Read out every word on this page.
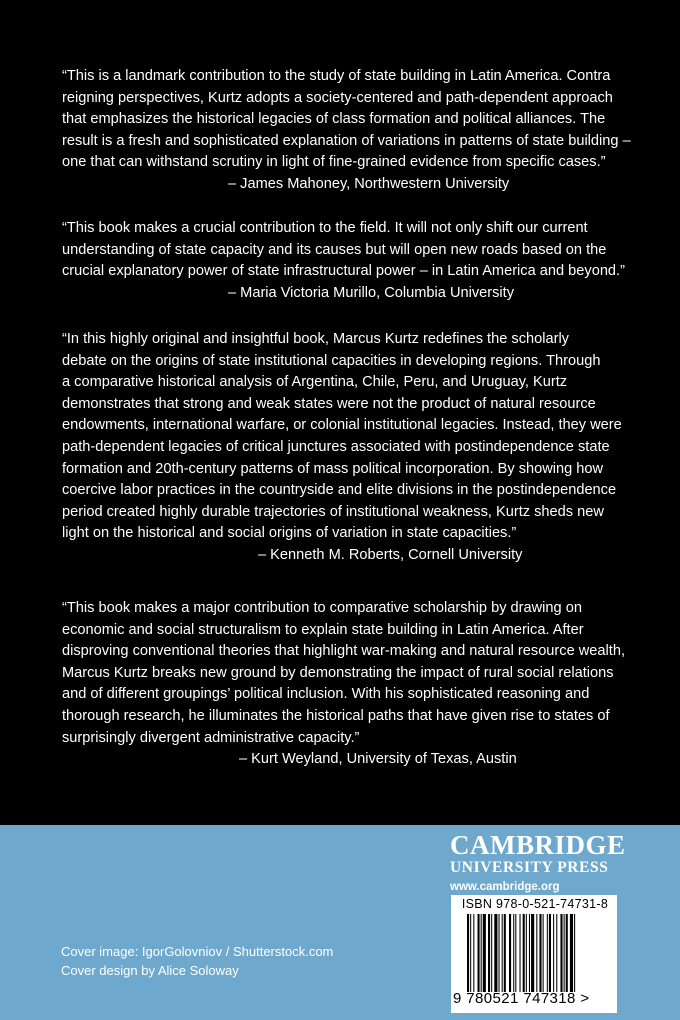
“This is a landmark contribution to the study of state building in Latin America. Contra
reigning perspectives, Kurtz adopts a society-centered and path-dependent approach
that emphasizes the historical legacies of class formation and political alliances. The
result is a fresh and sophisticated explanation of variations in patterns of state building –
one that can withstand scrutiny in light of fine-grained evidence from specific cases.”
– James Mahoney, Northwestern University
“This book makes a crucial contribution to the field. It will not only shift our current
understanding of state capacity and its causes but will open new roads based on the
crucial explanatory power of state infrastructural power – in Latin America and beyond.”
– Maria Victoria Murillo, Columbia University
“In this highly original and insightful book, Marcus Kurtz redefines the scholarly
debate on the origins of state institutional capacities in developing regions. Through
a comparative historical analysis of Argentina, Chile, Peru, and Uruguay, Kurtz
demonstrates that strong and weak states were not the product of natural resource
endowments, international warfare, or colonial institutional legacies. Instead, they were
path-dependent legacies of critical junctures associated with postindependence state
formation and 20th-century patterns of mass political incorporation. By showing how
coercive labor practices in the countryside and elite divisions in the postindependence
period created highly durable trajectories of institutional weakness, Kurtz sheds new
light on the historical and social origins of variation in state capacities.”
– Kenneth M. Roberts, Cornell University
“This book makes a major contribution to comparative scholarship by drawing on
economic and social structuralism to explain state building in Latin America. After
disproving conventional theories that highlight war-making and natural resource wealth,
Marcus Kurtz breaks new ground by demonstrating the impact of rural social relations
and of different groupings’ political inclusion. With his sophisticated reasoning and
thorough research, he illuminates the historical paths that have given rise to states of
surprisingly divergent administrative capacity.”
– Kurt Weyland, University of Texas, Austin
CAMBRIDGE
UNIVERSITY PRESS
www.cambridge.org
ISBN 978-0-521-74731-8
9 780521 747318 >
Cover image: IgorGolovniov / Shutterstock.com
Cover design by Alice Soloway
